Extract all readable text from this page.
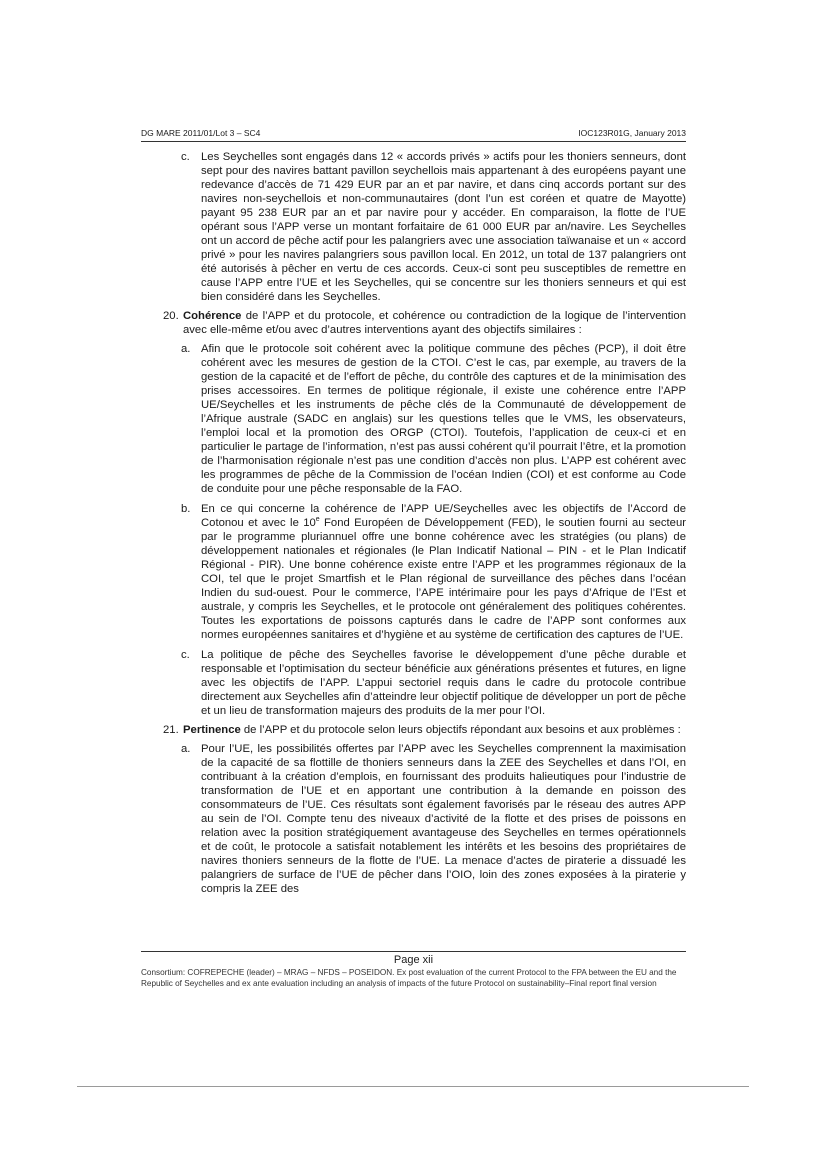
DG MARE 2011/01/Lot 3 – SC4	IOC123R01G, January 2013
c. Les Seychelles sont engagés dans 12 « accords privés » actifs pour les thoniers senneurs, dont sept pour des navires battant pavillon seychellois mais appartenant à des européens payant une redevance d’accès de 71 429 EUR par an et par navire, et dans cinq accords portant sur des navires non-seychellois et non-communautaires (dont l’un est coréen et quatre de Mayotte) payant 95 238 EUR par an et par navire pour y accéder. En comparaison, la flotte de l’UE opérant sous l’APP verse un montant forfaitaire de 61 000 EUR par an/navire. Les Seychelles ont un accord de pêche actif pour les palangriers avec une association taïwanaise et un « accord privé » pour les navires palangriers sous pavillon local. En 2012, un total de 137 palangriers ont été autorisés à pêcher en vertu de ces accords. Ceux-ci sont peu susceptibles de remettre en cause l’APP entre l’UE et les Seychelles, qui se concentre sur les thoniers senneurs et qui est bien considéré dans les Seychelles.

20. Cohérence de l’APP et du protocole, et cohérence ou contradiction de la logique de l’intervention avec elle-même et/ou avec d’autres interventions ayant des objectifs similaires :

a. Afin que le protocole soit cohérent avec la politique commune des pêches (PCP), il doit être cohérent avec les mesures de gestion de la CTOI. C’est le cas, par exemple, au travers de la gestion de la capacité et de l’effort de pêche, du contrôle des captures et de la minimisation des prises accessoires. En termes de politique régionale, il existe une cohérence entre l’APP UE/Seychelles et les instruments de pêche clés de la Communauté de développement de l’Afrique australe (SADC en anglais) sur les questions telles que le VMS, les observateurs, l’emploi local et la promotion des ORGP (CTOI). Toutefois, l’application de ceux-ci et en particulier le partage de l’information, n’est pas aussi cohérent qu’il pourrait l’être, et la promotion de l’harmonisation régionale n’est pas une condition d’accès non plus. L’APP est cohérent avec les programmes de pêche de la Commission de l’océan Indien (COI) et est conforme au Code de conduite pour une pêche responsable de la FAO.

b. En ce qui concerne la cohérence de l’APP UE/Seychelles avec les objectifs de l’Accord de Cotonou et avec le 10e Fond Européen de Développement (FED), le soutien fourni au secteur par le programme pluriannuel offre une bonne cohérence avec les stratégies (ou plans) de développement nationales et régionales (le Plan Indicatif National – PIN - et le Plan Indicatif Régional - PIR). Une bonne cohérence existe entre l’APP et les programmes régionaux de la COI, tel que le projet Smartfish et le Plan régional de surveillance des pêches dans l’océan Indien du sud-ouest. Pour le commerce, l’APE intérimaire pour les pays d’Afrique de l’Est et australe, y compris les Seychelles, et le protocole ont généralement des politiques cohérentes. Toutes les exportations de poissons capturés dans le cadre de l’APP sont conformes aux normes européennes sanitaires et d’hygiène et au système de certification des captures de l’UE.

c. La politique de pêche des Seychelles favorise le développement d’une pêche durable et responsable et l’optimisation du secteur bénéficie aux générations présentes et futures, en ligne avec les objectifs de l’APP. L’appui sectoriel requis dans le cadre du protocole contribue directement aux Seychelles afin d’atteindre leur objectif politique de développer un port de pêche et un lieu de transformation majeurs des produits de la mer pour l’OI.

21. Pertinence de l’APP et du protocole selon leurs objectifs répondant aux besoins et aux problèmes :

a. Pour l’UE, les possibilités offertes par l’APP avec les Seychelles comprennent la maximisation de la capacité de sa flottille de thoniers senneurs dans la ZEE des Seychelles et dans l’OI, en contribuant à la création d’emplois, en fournissant des produits halieutiques pour l’industrie de transformation de l’UE et en apportant une contribution à la demande en poisson des consommateurs de l’UE. Ces résultats sont également favorisés par le réseau des autres APP au sein de l’OI. Compte tenu des niveaux d’activité de la flotte et des prises de poissons en relation avec la position stratégiquement avantageuse des Seychelles en termes opérationnels et de coût, le protocole a satisfait notablement les intérêts et les besoins des propriétaires de navires thoniers senneurs de la flotte de l’UE. La menace d’actes de piraterie a dissuadé les palangriers de surface de l’UE de pêcher dans l’OIO, loin des zones exposées à la piraterie y compris la ZEE des

Page xii
Consortium: COFREPECHE (leader) – MRAG – NFDS – POSEIDON. Ex post evaluation of the current Protocol to the FPA between the EU and the Republic of Seychelles and ex ante evaluation including an analysis of impacts of the future Protocol on sustainability–Final report final version
